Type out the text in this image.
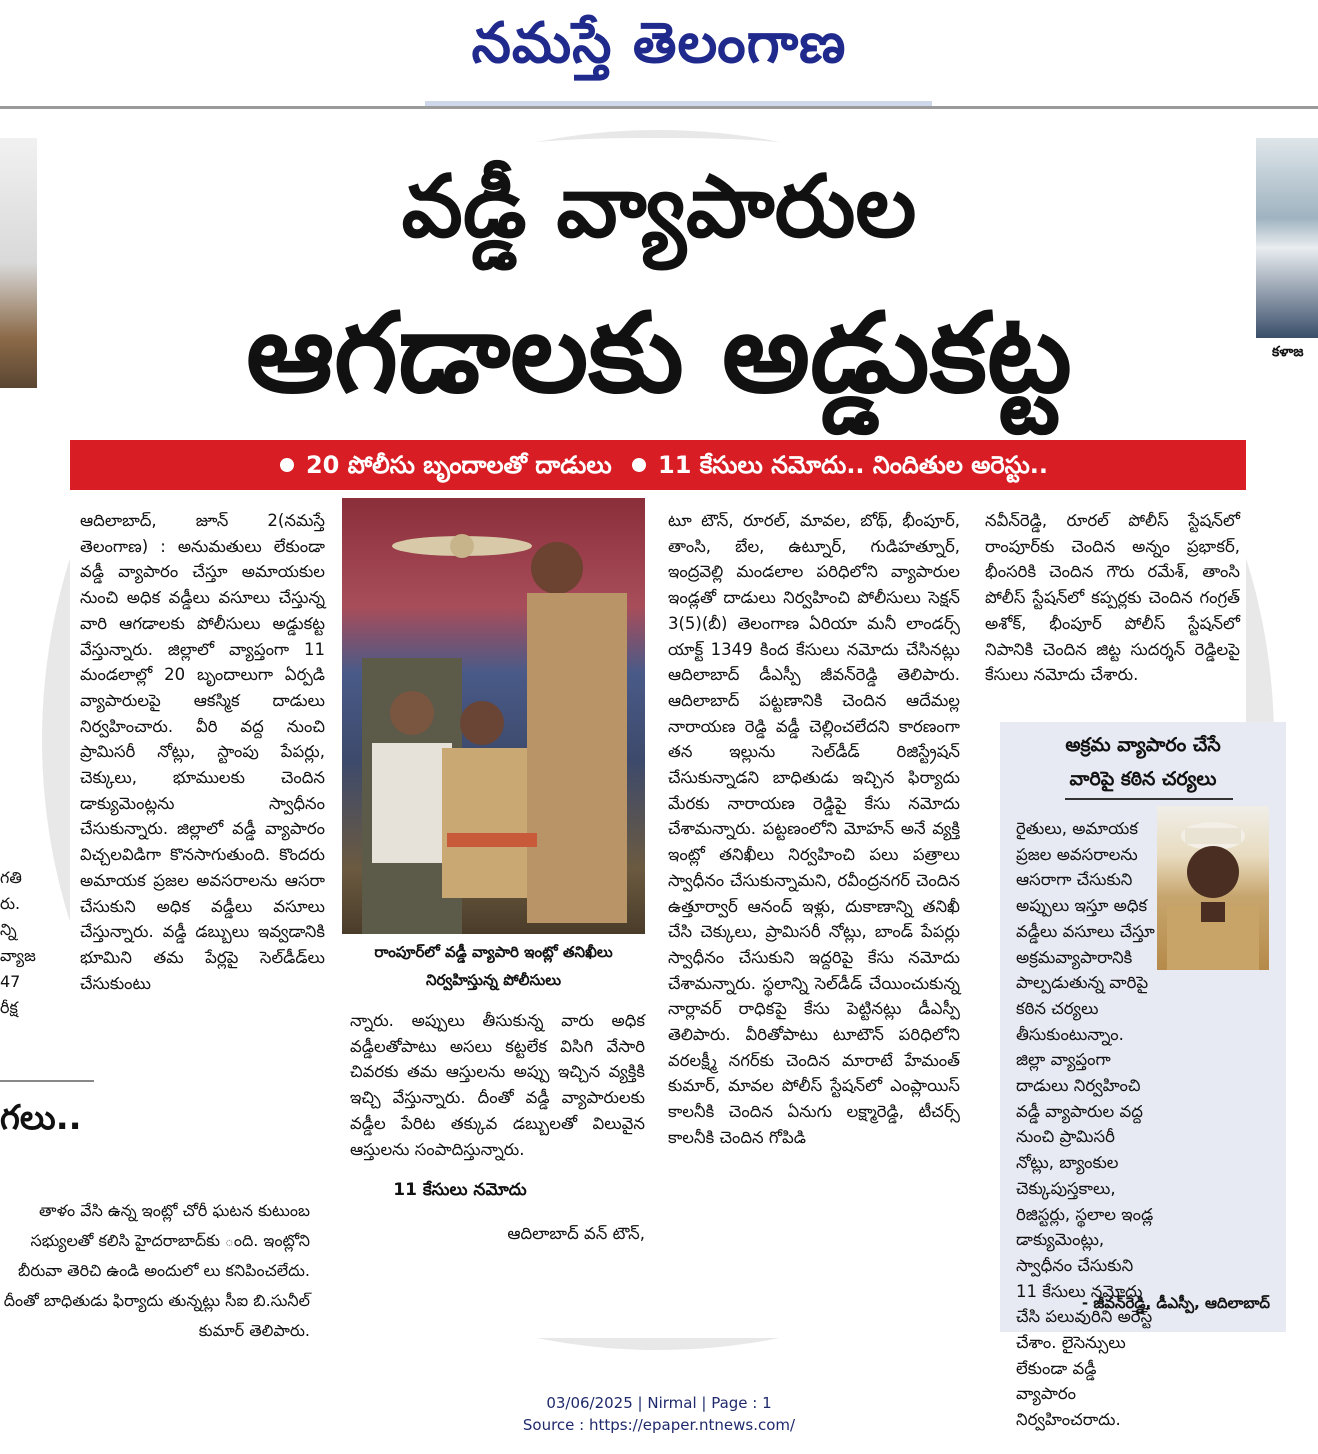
నమస్తే తెలంగాణ
కళాజ
వడ్డీ వ్యాపారుల
ఆగడాలకు అడ్డుకట్ట
20 పోలీసు బృందాలతో దాడులు 11 కేసులు నమోదు.. నిందితుల అరెస్టు..
ఆదిలాబాద్, జూన్ 2(నమస్తే తెలంగాణ) : అనుమతులు లేకుండా వడ్డీ వ్యాపారం చేస్తూ అమాయకుల నుంచి అధిక వడ్డీలు వసూలు చేస్తున్న వారి ఆగడాలకు పోలీసులు అడ్డుకట్ట వేస్తున్నారు. జిల్లాలో వ్యాప్తంగా 11 మండలాల్లో 20 బృందాలుగా ఏర్పడి వ్యాపారులపై ఆకస్మిక దాడులు నిర్వహించారు. వీరి వద్ద నుంచి ప్రామిసరీ నోట్లు, స్టాంపు పేపర్లు, చెక్కులు, భూములకు చెందిన డాక్యుమెంట్లను స్వాధీనం చేసుకున్నారు. జిల్లాలో వడ్డీ వ్యాపారం విచ్చలవిడిగా కొనసాగుతుంది. కొందరు అమాయక ప్రజల అవసరాలను ఆసరా చేసుకుని అధిక వడ్డీలు వసూలు చేస్తున్నారు. వడ్డీ డబ్బులు ఇవ్వడానికి భూమిని తమ పేర్లపై సెల్‌డీడ్‌లు చేసుకుంటు
రాంపూర్‌లో వడ్డీ వ్యాపారి ఇంట్లో తనిఖీలు నిర్వహిస్తున్న పోలీసులు
న్నారు. అప్పులు తీసుకున్న వారు అధిక వడ్డీలతోపాటు అసలు కట్టలేక విసిగి వేసారి చివరకు తమ ఆస్తులను అప్పు ఇచ్చిన వ్యక్తికి ఇచ్చి వేస్తున్నారు. దీంతో వడ్డీ వ్యాపారులకు వడ్డీల పేరిట తక్కువ డబ్బులతో విలువైన ఆస్తులను సంపాదిస్తున్నారు.
11 కేసులు నమోదు
ఆదిలాబాద్ వన్ టౌన్,
టూ టౌన్, రూరల్, మావల, బోథ్, భీంపూర్, తాంసి, బేల, ఉట్నూర్, గుడిహత్నూర్, ఇంద్రవెల్లి మండలాల పరిధిలోని వ్యాపారుల ఇండ్లతో దాడులు నిర్వహించి పోలీసులు సెక్షన్ 3(5)(బీ) తెలంగాణ ఏరియా మనీ లాండర్స్ యాక్ట్ 1349 కింద కేసులు నమోదు చేసినట్లు ఆదిలాబాద్ డీఎస్పీ జీవన్‌రెడ్డి తెలిపారు. ఆదిలాబాద్ పట్టణానికి చెందిన ఆదేమల్ల నారాయణ రెడ్డి వడ్డీ చెల్లించలేదని కారణంగా తన ఇల్లును సెల్‌డీడ్ రిజిస్ట్రేషన్ చేసుకున్నాడని బాధితుడు ఇచ్చిన ఫిర్యాదు మేరకు నారాయణ రెడ్డిపై కేసు నమోదు చేశామన్నారు. పట్టణంలోని మోహన్ అనే వ్యక్తి ఇంట్లో తనిఖీలు నిర్వహించి పలు పత్రాలు స్వాధీనం చేసుకున్నామని, రవీంద్రనగర్ చెందిన ఉత్తూర్వార్ ఆనంద్ ఇళ్లు, దుకాణాన్ని తనిఖీ చేసి చెక్కులు, ప్రామిసరీ నోట్లు, బాండ్ పేపర్లు స్వాధీనం చేసుకుని ఇద్దరిపై కేసు నమోదు చేశామన్నారు. స్థలాన్ని సెల్‌డీడ్ చేయించుకున్న నార్లావర్ రాధికపై కేసు పెట్టినట్లు డీఎస్పీ తెలిపారు. వీరితోపాటు టూటౌన్ పరిధిలోని వరలక్ష్మీ నగర్‌కు చెందిన మారాటే హేమంత్ కుమార్, మావల పోలీస్ స్టేషన్‌లో ఎంప్లాయిస్ కాలనీకి చెందిన ఏనుగు లక్ష్మారెడ్డి, టీచర్స్ కాలనీకి చెందిన గోపిడి
నవీన్‌రెడ్డి, రూరల్ పోలీస్ స్టేషన్‌లో రాంపూర్‌కు చెందిన అన్నం ప్రభాకర్, భీంసరికి చెందిన గౌరు రమేశ్, తాంసి పోలీస్ స్టేషన్‌లో కప్పర్లకు చెందిన గంగ్రత్ అశోక్, భీంపూర్ పోలీస్ స్టేషన్‌లో నిపానికి చెందిన జిట్ట సుదర్శన్ రెడ్డిలపై కేసులు నమోదు చేశారు.
అక్రమ వ్యాపారం చేసే
వారిపై కఠిన చర్యలు

రైతులు, అమాయక ప్రజల అవసరాలను ఆసరాగా చేసుకుని అప్పులు ఇస్తూ అధిక వడ్డీలు వసూలు చేస్తూ అక్రమవ్యాపారానికి పాల్పడుతున్న వారిపై కఠిన చర్యలు తీసుకుంటున్నాం. జిల్లా వ్యాప్తంగా దాడులు నిర్వహించి వడ్డీ వ్యాపారుల వద్ద నుంచి ప్రామిసరీ నోట్లు, బ్యాంకుల చెక్కుపుస్తకాలు, రిజిస్టర్లు, స్థలాల ఇండ్ల డాక్యుమెంట్లు, స్వాధీనం చేసుకుని 11 కేసులు నమోదు చేసి పలువురిని అరెస్ట్ చేశాం. లైసెన్సులు లేకుండా వడ్డీ వ్యాపారం నిర్వహించరాదు.

- జీవన్‌రెడ్డి, డీఎస్పీ, ఆదిలాబాద్
గతి రు. న్ని వ్యాజ 47 రీక్ష
గలు..
తాళం వేసి ఉన్న ఇంట్లో చోరీ ఘటన కుటుంబ సభ్యులతో కలిసి హైదరాబాద్‌కు ంది. ఇంట్లోని బీరువా తెరిచి ఉండి అందులో లు కనిపించలేదు. దీంతో బాధితుడు ఫిర్యాదు తున్నట్లు సీఐ బి.సునీల్ కుమార్ తెలిపారు.
03/06/2025 | Nirmal | Page : 1
Source : https://epaper.ntnews.com/
